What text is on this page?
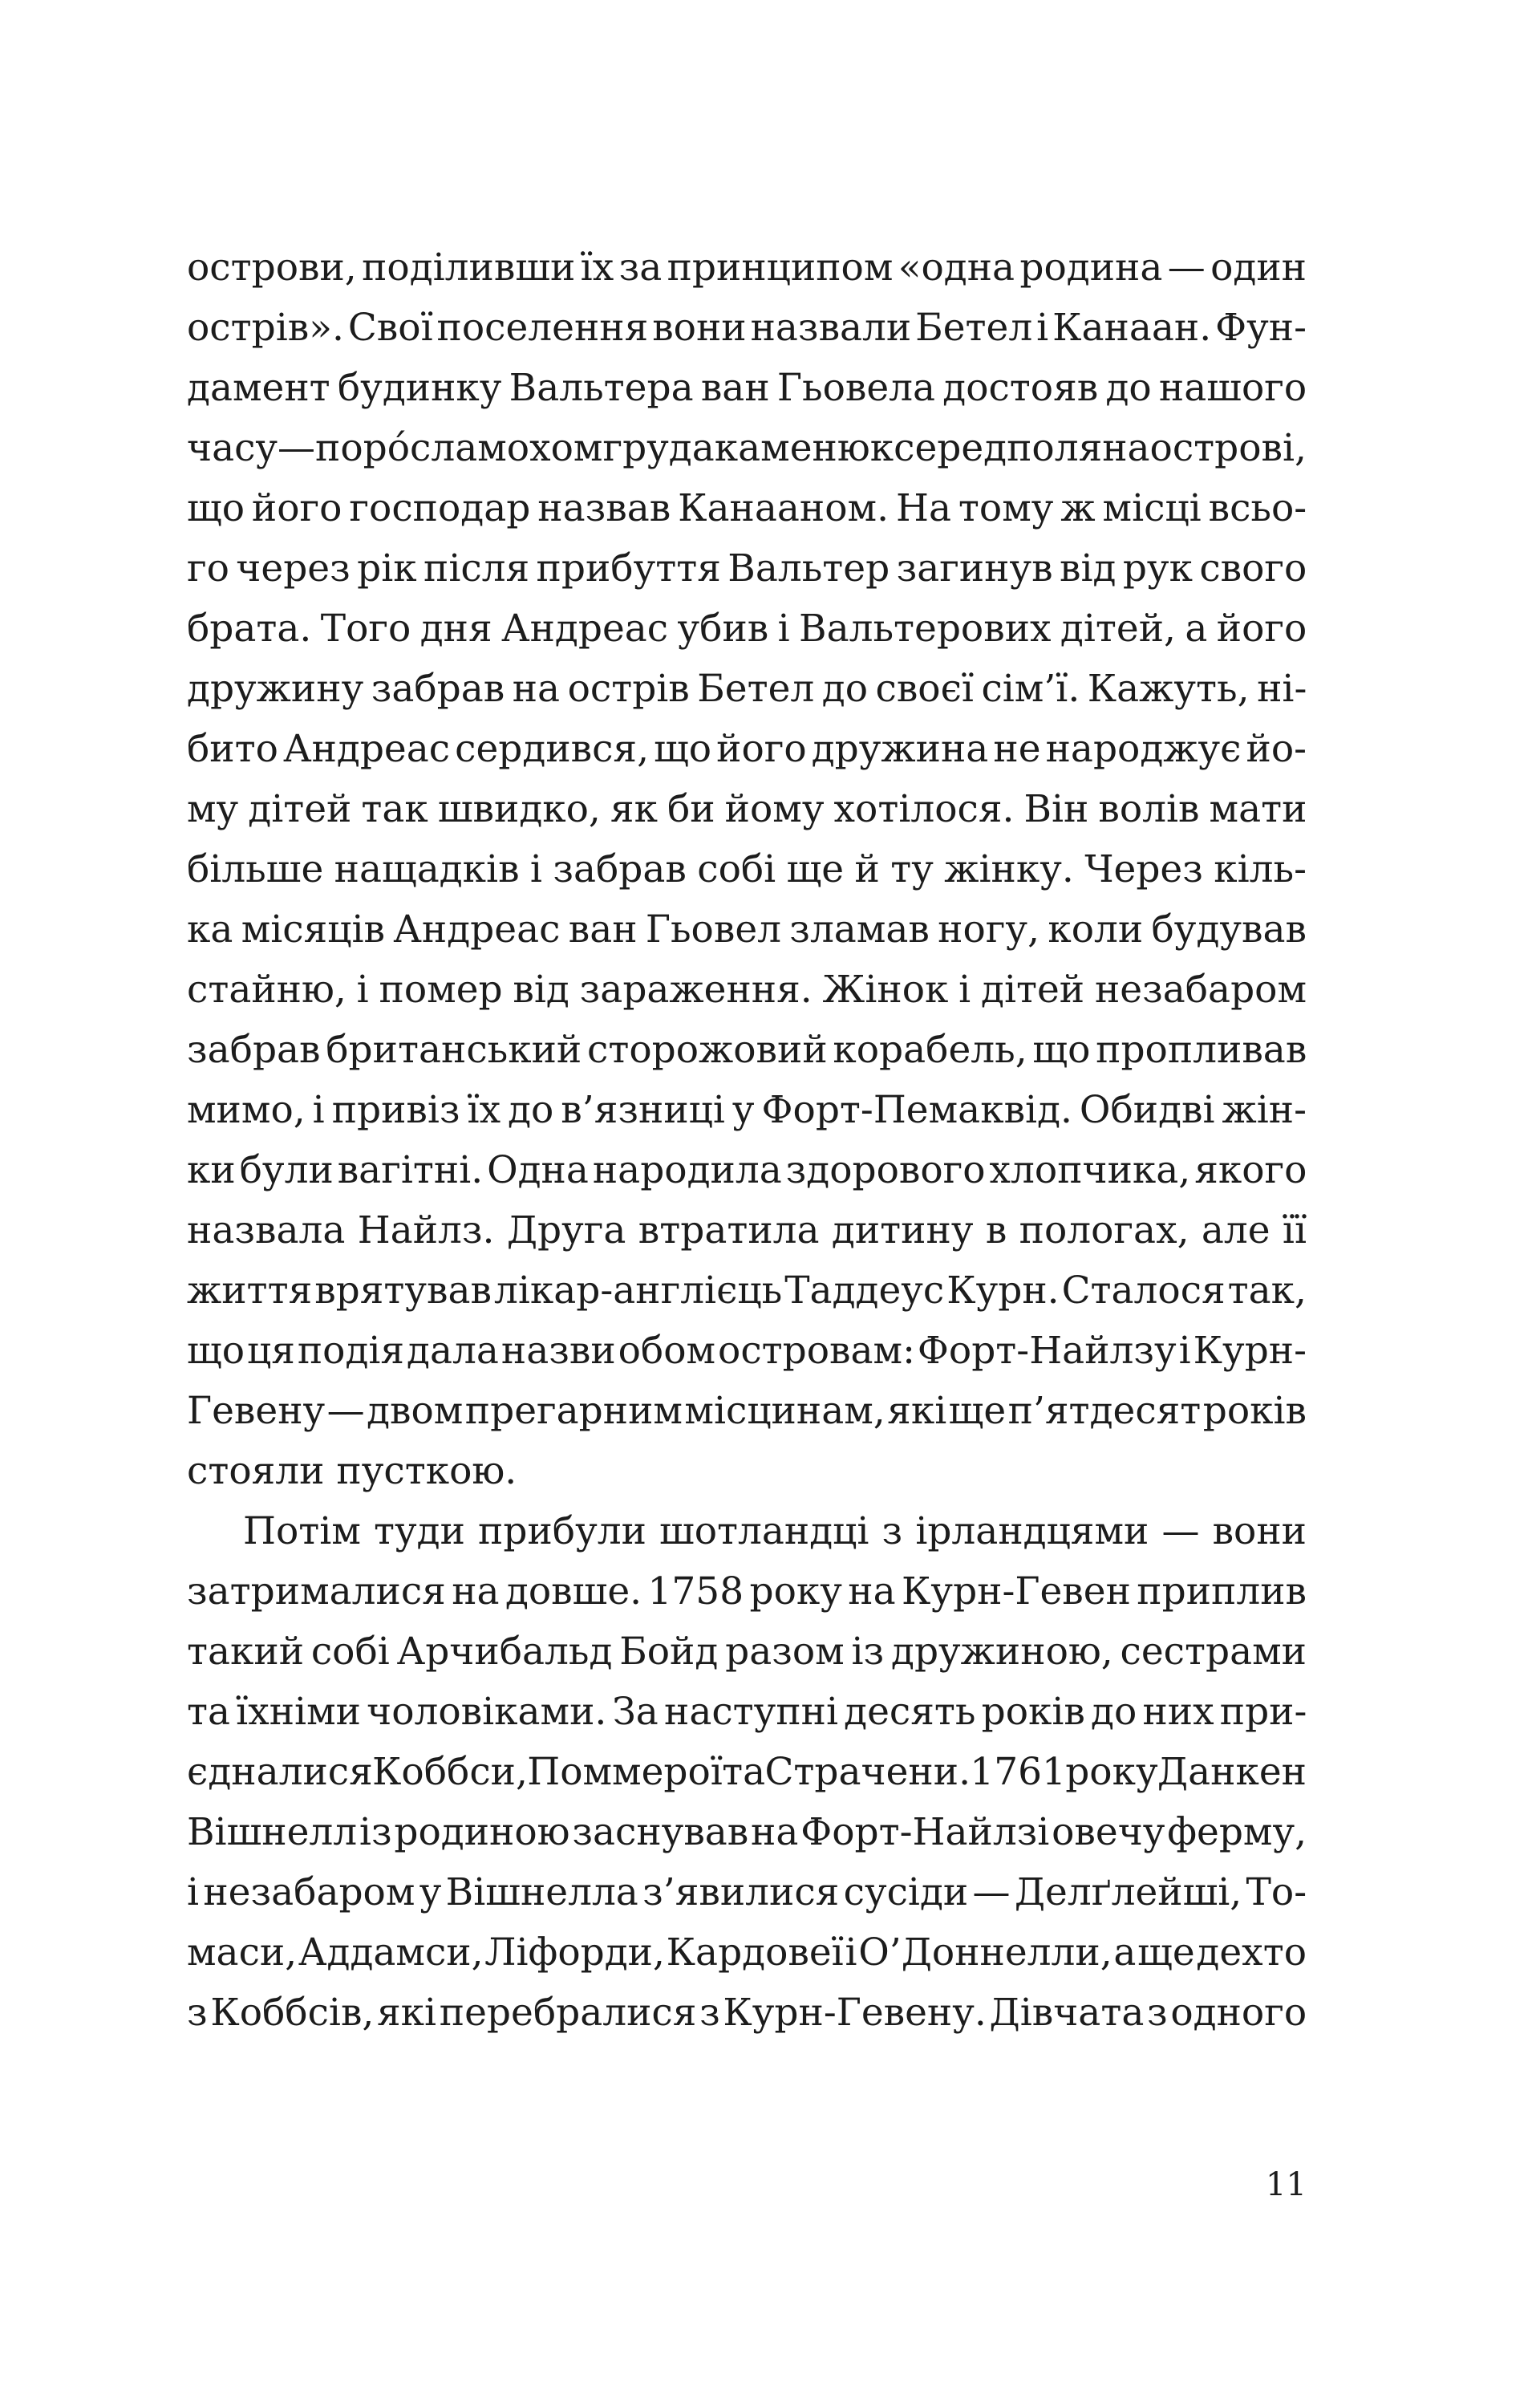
острови, поділивши їх за принципом «одна родина — один
острів». Свої поселення вони назвали Бетел і Канаан. Фун-
дамент будинку Вальтера ван Гьовела достояв до нашого
часу — поро́сла мохом груда каменюк серед поля на острові,
що його господар назвав Канааном. На тому ж місці всьо-
го через рік після прибуття Вальтер загинув від рук свого
брата. Того дня Андреас убив і Вальтерових дітей, а його
дружину забрав на острів Бетел до своєї сім’ї. Кажуть, ні-
бито Андреас сердився, що його дружина не народжує йо-
му дітей так швидко, як би йому хотілося. Він волів мати
більше нащадків і забрав собі ще й ту жінку. Через кіль-
ка місяців Андреас ван Гьовел зламав ногу, коли будував
стайню, і помер від зараження. Жінок і дітей незабаром
забрав британський сторожовий корабель, що пропливав
мимо, і привіз їх до в’язниці у Форт-Пемаквід. Обидві жін-
ки були вагітні. Одна народила здорового хлопчика, якого
назвала Найлз. Друга втратила дитину в пологах, але її
життя врятував лікар-англієць Таддеус Курн. Сталося так,
що ця подія дала назви обом островам: Форт-Найлзу і Курн-
Гевену — двом прегарним місцинам, які ще п’ятдесят років
стояли пусткою.

Потім туди прибули шотландці з ірландцями — вони
затрималися на довше. 1758 року на Курн-Гевен приплив
такий собі Арчибальд Бойд разом із дружиною, сестрами
та їхніми чоловіками. За наступні десять років до них при-
єдналися Коббси, Поммерої та Страчени. 1761 року Данкен
Вішнелл із родиною заснував на Форт-Найлзі овечу ферму,
і незабаром у Вішнелла з’явилися сусіди — Делґлейші, То-
маси, Аддамси, Ліфорди, Кардовеї і О’Доннелли, а ще дехто
з Коббсів, які перебралися з Курн-Гевену. Дівчата з одного

11
